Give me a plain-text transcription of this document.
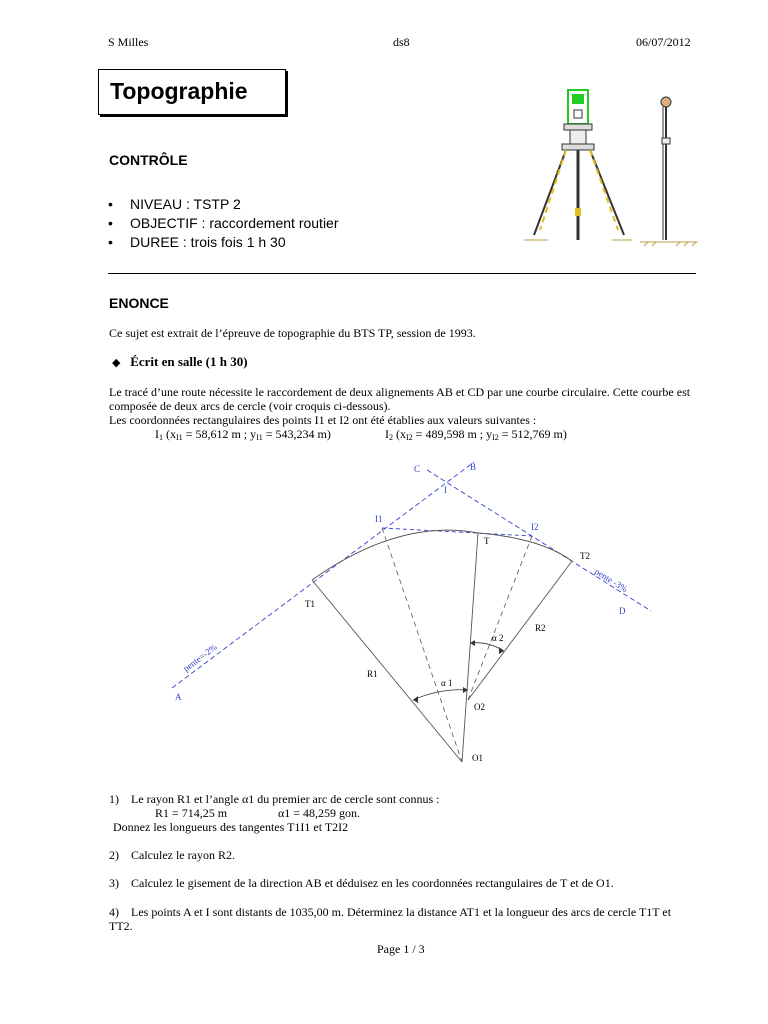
S Milles	ds8	06/07/2012
Topographie
CONTRÔLE
• NIVEAU : TSTP 2
• OBJECTIF : raccordement routier
• DUREE : trois fois 1 h 30
ENONCE
Ce sujet est extrait de l’épreuve de topographie du BTS TP, session de 1993.
◆ Écrit en salle (1 h 30)
Le tracé d’une route nécessite le raccordement de deux alignements AB et CD par une courbe circulaire. Cette courbe est composée de deux arcs de cercle (voir croquis ci-dessous).
Les coordonnées rectangulaires des points I1 et I2 ont été établies aux valeurs suivantes :
$I_1$ ($x_{I1} = 58,612$ m ; $y_{I1} = 543,234$ m)	$I_2$ ($x_{I2} = 489,598$ m ; $y_{I2} = 512,769$ m)
C	B
I
I1
I2
T
T2
T1
D
A
R1
R2
O1
O2
α 1
α 2
pente=-2%
pente -3%
1) Le rayon R1 et l’angle α1 du premier arc de cercle sont connus :
R1 = 714,25 m	α1 = 48,259 gon.
Donnez les longueurs des tangentes T1I1 et T2I2
2) Calculez le rayon R2.
3) Calculez le gisement de la direction AB et déduisez en les coordonnées rectangulaires de T et de O1.
4) Les points A et I sont distants de 1035,00 m. Déterminez la distance AT1 et la longueur des arcs de cercle T1T et TT2.
Page 1 / 3
